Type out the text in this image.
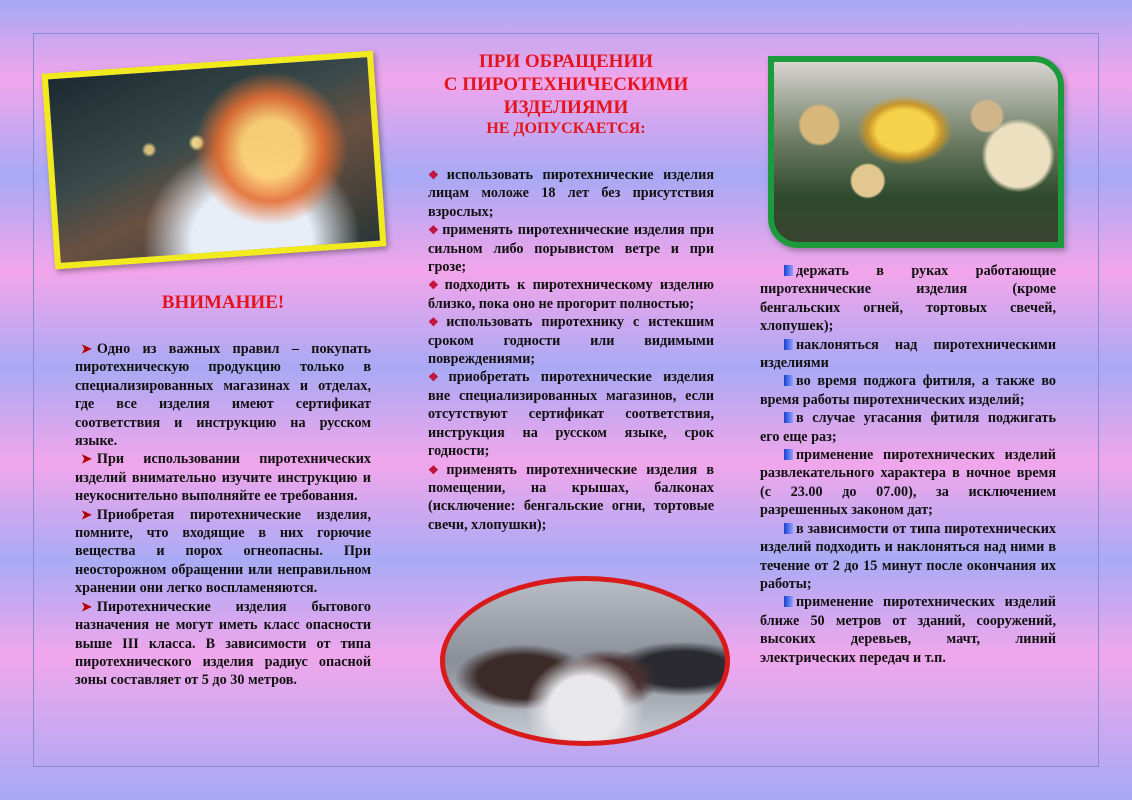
ПРИ ОБРАЩЕНИИ
С ПИРОТЕХНИЧЕСКИМИ
ИЗДЕЛИЯМИ
НЕ ДОПУСКАЕТСЯ:
ВНИМАНИЕ!

➤ Одно из важных правил – покупать пиротехническую продукцию только в специализированных магазинах и отделах, где все изделия имеют сертификат соответствия и инструкцию на русском языке.

➤ При использовании пиротехнических изделий внимательно изучите инструкцию и неукоснительно выполняйте ее требования.

➤ Приобретая пиротехнические изделия, помните, что входящие в них горючие вещества и порох огнеопасны. При неосторожном обращении или неправильном хранении они легко воспламеняются.

➤ Пиротехнические изделия бытового назначения не могут иметь класс опасности выше III класса. В зависимости от типа пиротехнического изделия радиус опасной зоны составляет от 5 до 30 метров.

❖ использовать пиротехнические изделия лицам моложе 18 лет без присутствия взрослых;

❖ применять пиротехнические изделия при сильном либо порывистом ветре и при грозе;

❖ подходить к пиротехническому изделию близко, пока оно не прогорит полностью;

❖ использовать пиротехнику с истекшим сроком годности или видимыми повреждениями;

❖ приобретать пиротехнические изделия вне специализированных магазинов, если отсутствуют сертификат соответствия, инструкция на русском языке, срок годности;

❖ применять пиротехнические изделия в помещении, на крышах, балконах (исключение: бенгальские огни, тортовые свечи, хлопушки);

держать в руках работающие пиротехнические изделия (кроме бенгальских огней, тортовых свечей, хлопушек);

наклоняться над пиротехническими изделиями

во время поджога фитиля, а также во время работы пиротехнических изделий;

в случае угасания фитиля поджигать его еще раз;

применение пиротехнических изделий развлекательного характера в ночное время (с 23.00 до 07.00), за исключением разрешенных законом дат;

в зависимости от типа пиротехнических изделий подходить и наклоняться над ними в течение от 2 до 15 минут после окончания их работы;

применение пиротехнических изделий ближе 50 метров от зданий, сооружений, высоких деревьев, мачт, линий электрических передач и т.п.
